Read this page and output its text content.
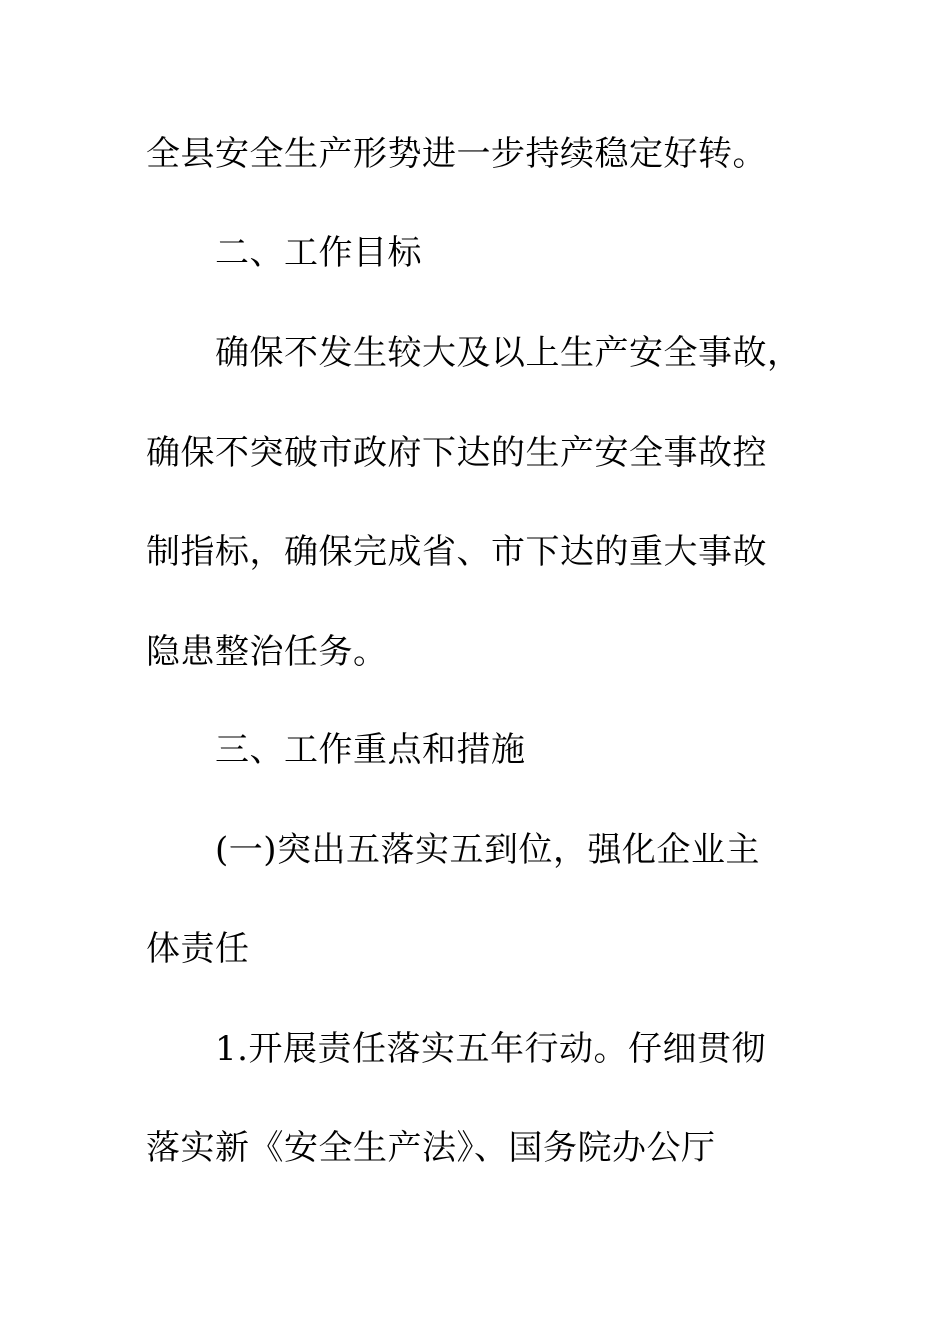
全县安全生产形势进一步持续稳定好转。
二、工作目标
确保不发生较大及以上生产安全事故，
确保不突破市政府下达的生产安全事故控
制指标，确保完成省、市下达的重大事故
隐患整治任务。
三、工作重点和措施
(一)突出五落实五到位，强化企业主
体责任
1.开展责任落实五年行动。仔细贯彻
落实新《安全生产法》、国务院办公厅
